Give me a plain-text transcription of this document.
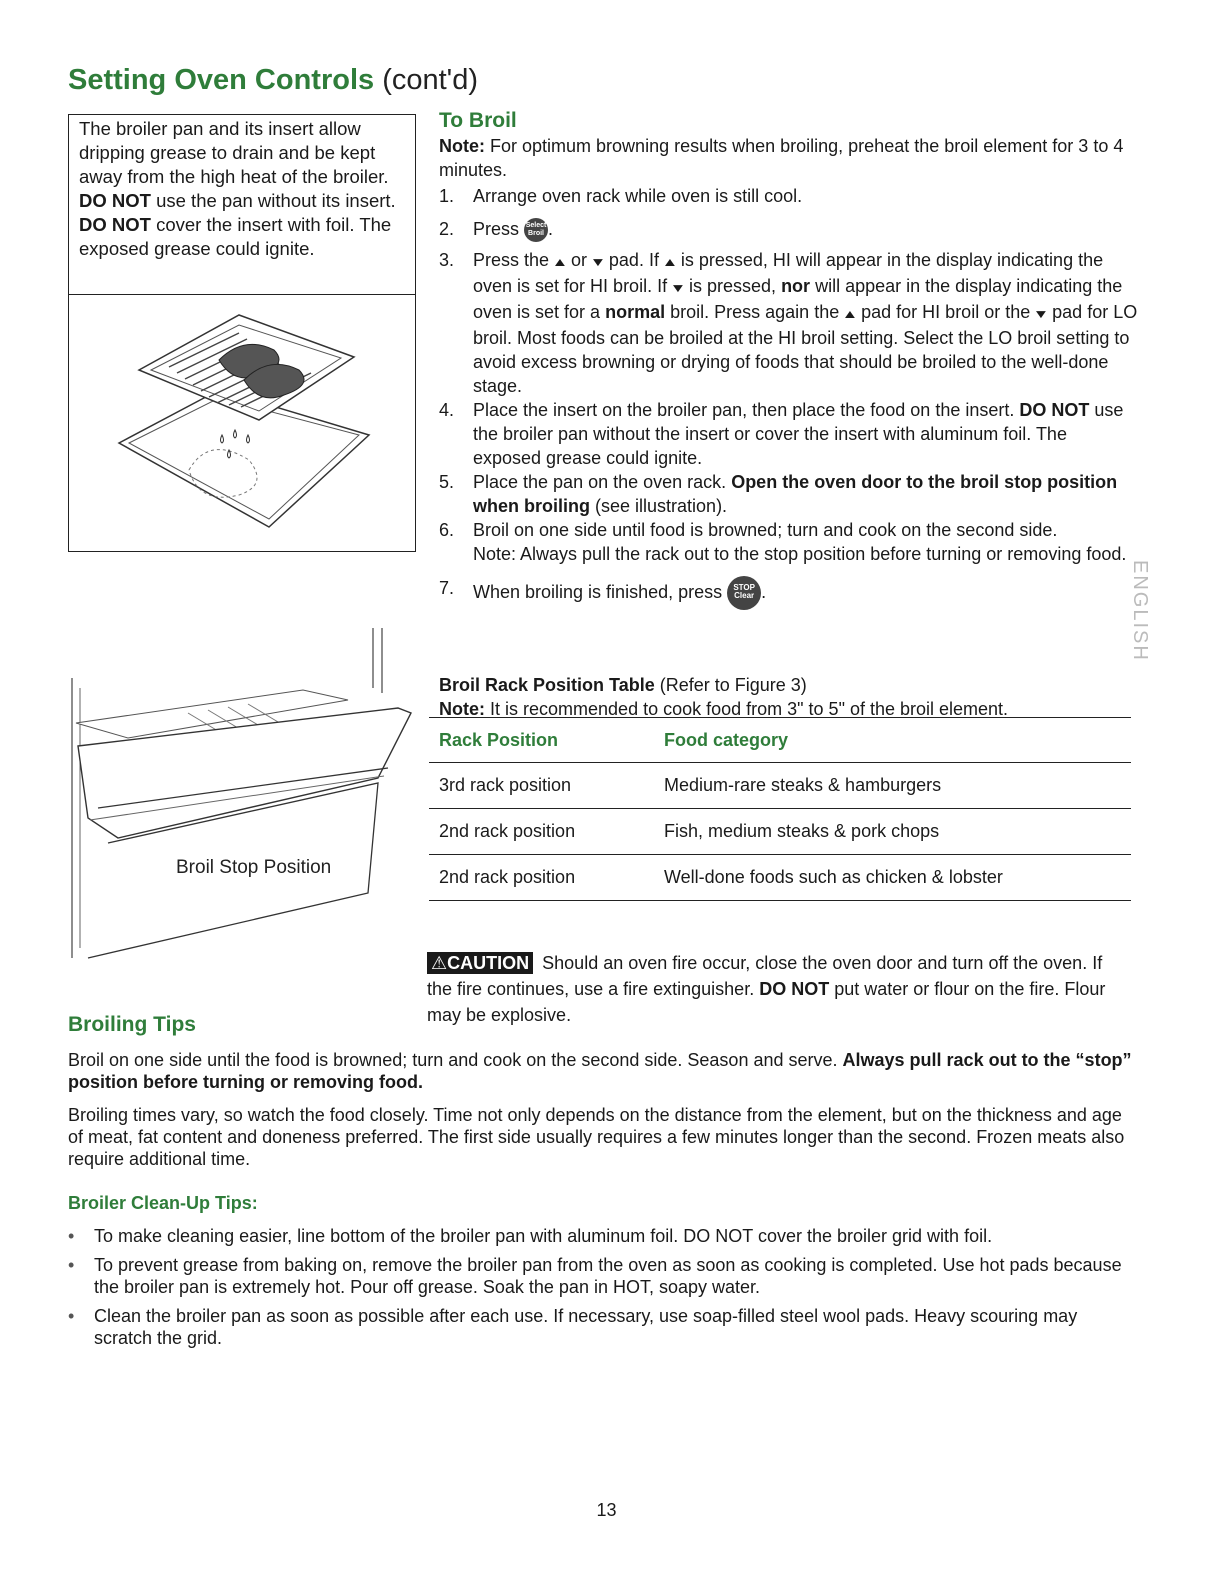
Setting Oven Controls (cont'd)
The broiler pan and its insert allow dripping grease to drain and be kept away from the high heat of the broiler. DO NOT use the pan without its insert. DO NOT cover the insert with foil. The exposed grease could ignite.
To Broil
Note: For optimum browning results when broiling, preheat the broil element for 3 to 4 minutes.
1. Arrange oven rack while oven is still cool.
2. Press Select
Broil .
3. Press the ▲ or ▼ pad. If ▲ is pressed, HI will appear in the display indicating the oven is set for HI broil. If ▼ is pressed, nor will appear in the display indicating the oven is set for a normal broil. Press again the ▲ pad for HI broil or the ▼ pad for LO broil. Most foods can be broiled at the HI broil setting. Select the LO broil setting to avoid excess browning or drying of foods that should be broiled to the well-done stage.
4. Place the insert on the broiler pan, then place the food on the insert. DO NOT use the broiler pan without the insert or cover the insert with aluminum foil. The exposed grease could ignite.
5. Place the pan on the oven rack. Open the oven door to the broil stop position when broiling (see illustration).
6. Broil on one side until food is browned; turn and cook on the second side.
Note: Always pull the rack out to the stop position before turning or removing food.
7. When broiling is finished, press STOP
Clear .
Broil Rack Position Table (Refer to Figure 3)
Note: It is recommended to cook food from 3" to 5" of the broil element.
Rack Position	Food category
3rd rack position	Medium-rare steaks & hamburgers
2nd rack position	Fish, medium steaks & pork chops
2nd rack position	Well-done foods such as chicken & lobster
⚠CAUTION Should an oven fire occur, close the oven door and turn off the oven. If the fire continues, use a fire extinguisher. DO NOT put water or flour on the fire. Flour may be explosive.
Broil Stop Position
Broiling Tips
Broil on one side until the food is browned; turn and cook on the second side. Season and serve. Always pull rack out to the “stop” position before turning or removing food.
Broiling times vary, so watch the food closely. Time not only depends on the distance from the element, but on the thickness and age of meat, fat content and doneness preferred. The first side usually requires a few minutes longer than the second. Frozen meats also require additional time.
Broiler Clean-Up Tips:
• To make cleaning easier, line bottom of the broiler pan with aluminum foil. DO NOT cover the broiler grid with foil.
• To prevent grease from baking on, remove the broiler pan from the oven as soon as cooking is completed. Use hot pads because the broiler pan is extremely hot. Pour off grease. Soak the pan in HOT, soapy water.
• Clean the broiler pan as soon as possible after each use. If necessary, use soap-filled steel wool pads. Heavy scouring may scratch the grid.
ENGLISH
13
